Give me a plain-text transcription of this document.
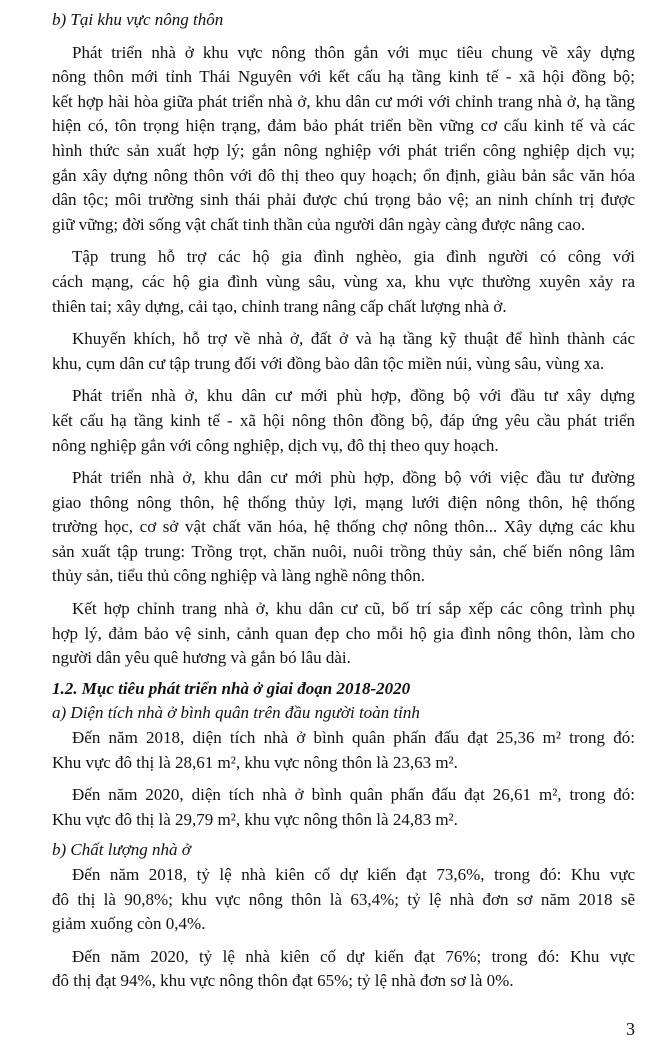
b) Tại khu vực nông thôn
Phát triển nhà ở khu vực nông thôn gắn với mục tiêu chung về xây dựng
nông thôn mới tỉnh Thái Nguyên với kết cấu hạ tầng kinh tế - xã hội đồng bộ;
kết hợp hài hòa giữa phát triển nhà ở, khu dân cư mới với chỉnh trang nhà ở, hạ tầng
hiện có, tôn trọng hiện trạng, đảm bảo phát triển bền vững cơ cấu kinh tế và các
hình thức sản xuất hợp lý; gắn nông nghiệp với phát triển công nghiệp dịch vụ;
gắn xây dựng nông thôn với đô thị theo quy hoạch; ổn định, giàu bản sắc văn hóa
dân tộc; môi trường sinh thái phải được chú trọng bảo vệ; an ninh chính trị được
giữ vững; đời sống vật chất tinh thần của người dân ngày càng được nâng cao.
Tập trung hỗ trợ các hộ gia đình nghèo, gia đình người có công với
cách mạng, các hộ gia đình vùng sâu, vùng xa, khu vực thường xuyên xảy ra
thiên tai; xây dựng, cải tạo, chỉnh trang nâng cấp chất lượng nhà ở.
Khuyến khích, hỗ trợ về nhà ở, đất ở và hạ tầng kỹ thuật để hình thành các
khu, cụm dân cư tập trung đối với đồng bào dân tộc miền núi, vùng sâu, vùng xa.
Phát triển nhà ở, khu dân cư mới phù hợp, đồng bộ với đầu tư xây dựng
kết cấu hạ tầng kinh tế - xã hội nông thôn đồng bộ, đáp ứng yêu cầu phát triển
nông nghiệp gắn với công nghiệp, dịch vụ, đô thị theo quy hoạch.
Phát triển nhà ở, khu dân cư mới phù hợp, đồng bộ với việc đầu tư đường
giao thông nông thôn, hệ thống thủy lợi, mạng lưới điện nông thôn, hệ thống
trường học, cơ sở vật chất văn hóa, hệ thống chợ nông thôn... Xây dựng các khu
sản xuất tập trung: Trồng trọt, chăn nuôi, nuôi trồng thủy sản, chế biến nông lâm
thủy sản, tiểu thủ công nghiệp và làng nghề nông thôn.
Kết hợp chỉnh trang nhà ở, khu dân cư cũ, bố trí sắp xếp các công trình phụ
hợp lý, đảm bảo vệ sinh, cảnh quan đẹp cho mỗi hộ gia đình nông thôn, làm cho
người dân yêu quê hương và gắn bó lâu dài.
1.2. Mục tiêu phát triển nhà ở giai đoạn 2018-2020
a) Diện tích nhà ở bình quân trên đầu người toàn tỉnh
Đến năm 2018, diện tích nhà ở bình quân phấn đấu đạt 25,36 m² trong đó:
Khu vực đô thị là 28,61 m², khu vực nông thôn là 23,63 m².
Đến năm 2020, diện tích nhà ở bình quân phấn đấu đạt 26,61 m², trong đó:
Khu vực đô thị là 29,79 m², khu vực nông thôn là 24,83 m².
b) Chất lượng nhà ở
Đến năm 2018, tỷ lệ nhà kiên cố dự kiến đạt 73,6%, trong đó: Khu vực
đô thị là 90,8%; khu vực nông thôn là 63,4%; tỷ lệ nhà đơn sơ năm 2018 sẽ
giảm xuống còn 0,4%.
Đến năm 2020, tỷ lệ nhà kiên cố dự kiến đạt 76%; trong đó: Khu vực
đô thị đạt 94%, khu vực nông thôn đạt 65%; tỷ lệ nhà đơn sơ là 0%.
3
